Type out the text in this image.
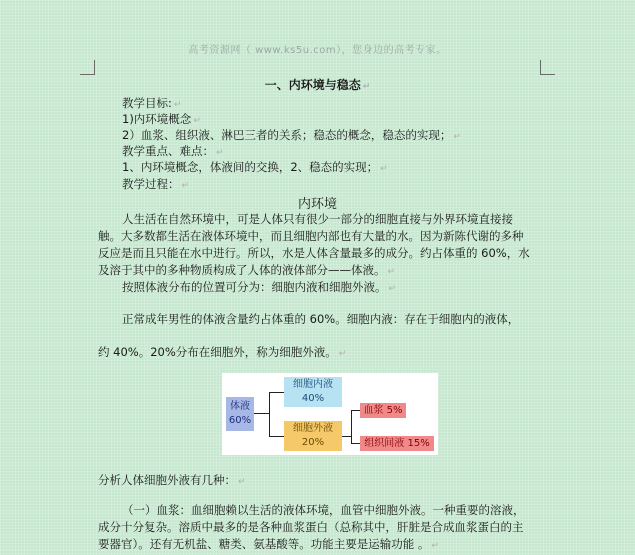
高考资源网（ www.ks5u.com），您身边的高考专家。
一、内环境与稳态 ↵
教学目标: ↵
1)内环境概念 ↵
2）血浆、组织液、淋巴三者的关系；稳态的概念，稳态的实现； ↵
教学重点、难点： ↵
1、内环境概念，体液间的交换，2、稳态的实现； ↵
教学过程： ↵
内环境
人生活在自然环境中，可是人体只有很少一部分的细胞直接与外界环境直接接触。大多数都生活在液体环境中，而且细胞内部也有大量的水。因为新陈代谢的多种反应是而且只能在水中进行。所以，水是人体含量最多的成分。约占体重的 60%，水及溶于其中的多种物质构成了人体的液体部分——体液。 ↵
按照体液分布的位置可分为：细胞内液和细胞外液。 ↵
正常成年男性的体液含量约占体重的 60%。细胞内液：存在于细胞内的液体，
约 40%。20%分布在细胞外，称为细胞外液。 ↵
体液
60%
细胞内液
40%
细胞外液
20%
血浆 5%
组织间液 15%
分析人体细胞外液有几种： ↵
（一）血浆：血细胞赖以生活的液体环境，血管中细胞外液。一种重要的溶液，成分十分复杂。溶质中最多的是各种血浆蛋白（总称其中，肝脏是合成血浆蛋白的主要器官）。还有无机盐、糖类、氨基酸等。功能主要是运输功能 。 ↵
